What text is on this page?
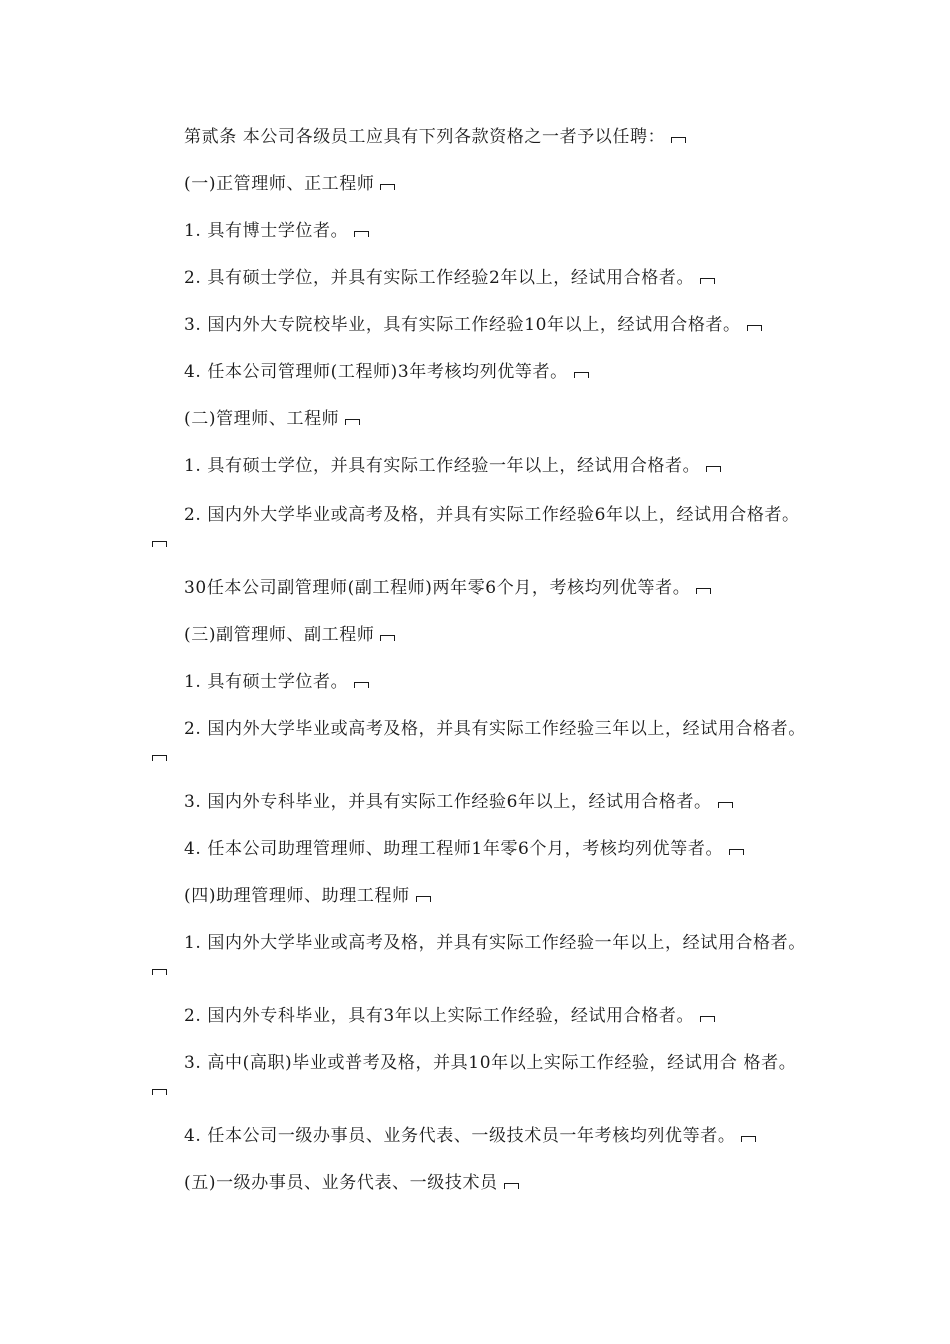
第贰条 本公司各级员工应具有下列各款资格之一者予以任聘：

(一)正管理师、正工程师

1. 具有博士学位者。

2. 具有硕士学位，并具有实际工作经验2年以上，经试用合格者。

3. 国内外大专院校毕业，具有实际工作经验10年以上，经试用合格者。

4. 任本公司管理师(工程师)3年考核均列优等者。

(二)管理师、工程师

1. 具有硕士学位，并具有实际工作经验一年以上，经试用合格者。

2. 国内外大学毕业或高考及格，并具有实际工作经验6年以上，经试用合格者。

30任本公司副管理师(副工程师)两年零6个月，考核均列优等者。

(三)副管理师、副工程师

1. 具有硕士学位者。

2. 国内外大学毕业或高考及格，并具有实际工作经验三年以上，经试用合格者。

3. 国内外专科毕业，并具有实际工作经验6年以上，经试用合格者。

4. 任本公司助理管理师、助理工程师1年零6个月，考核均列优等者。

(四)助理管理师、助理工程师

1. 国内外大学毕业或高考及格，并具有实际工作经验一年以上，经试用合格者。

2. 国内外专科毕业，具有3年以上实际工作经验，经试用合格者。

3. 高中(高职)毕业或普考及格，并具10年以上实际工作经验，经试用合 格者。

4. 任本公司一级办事员、业务代表、一级技术员一年考核均列优等者。

(五)一级办事员、业务代表、一级技术员
